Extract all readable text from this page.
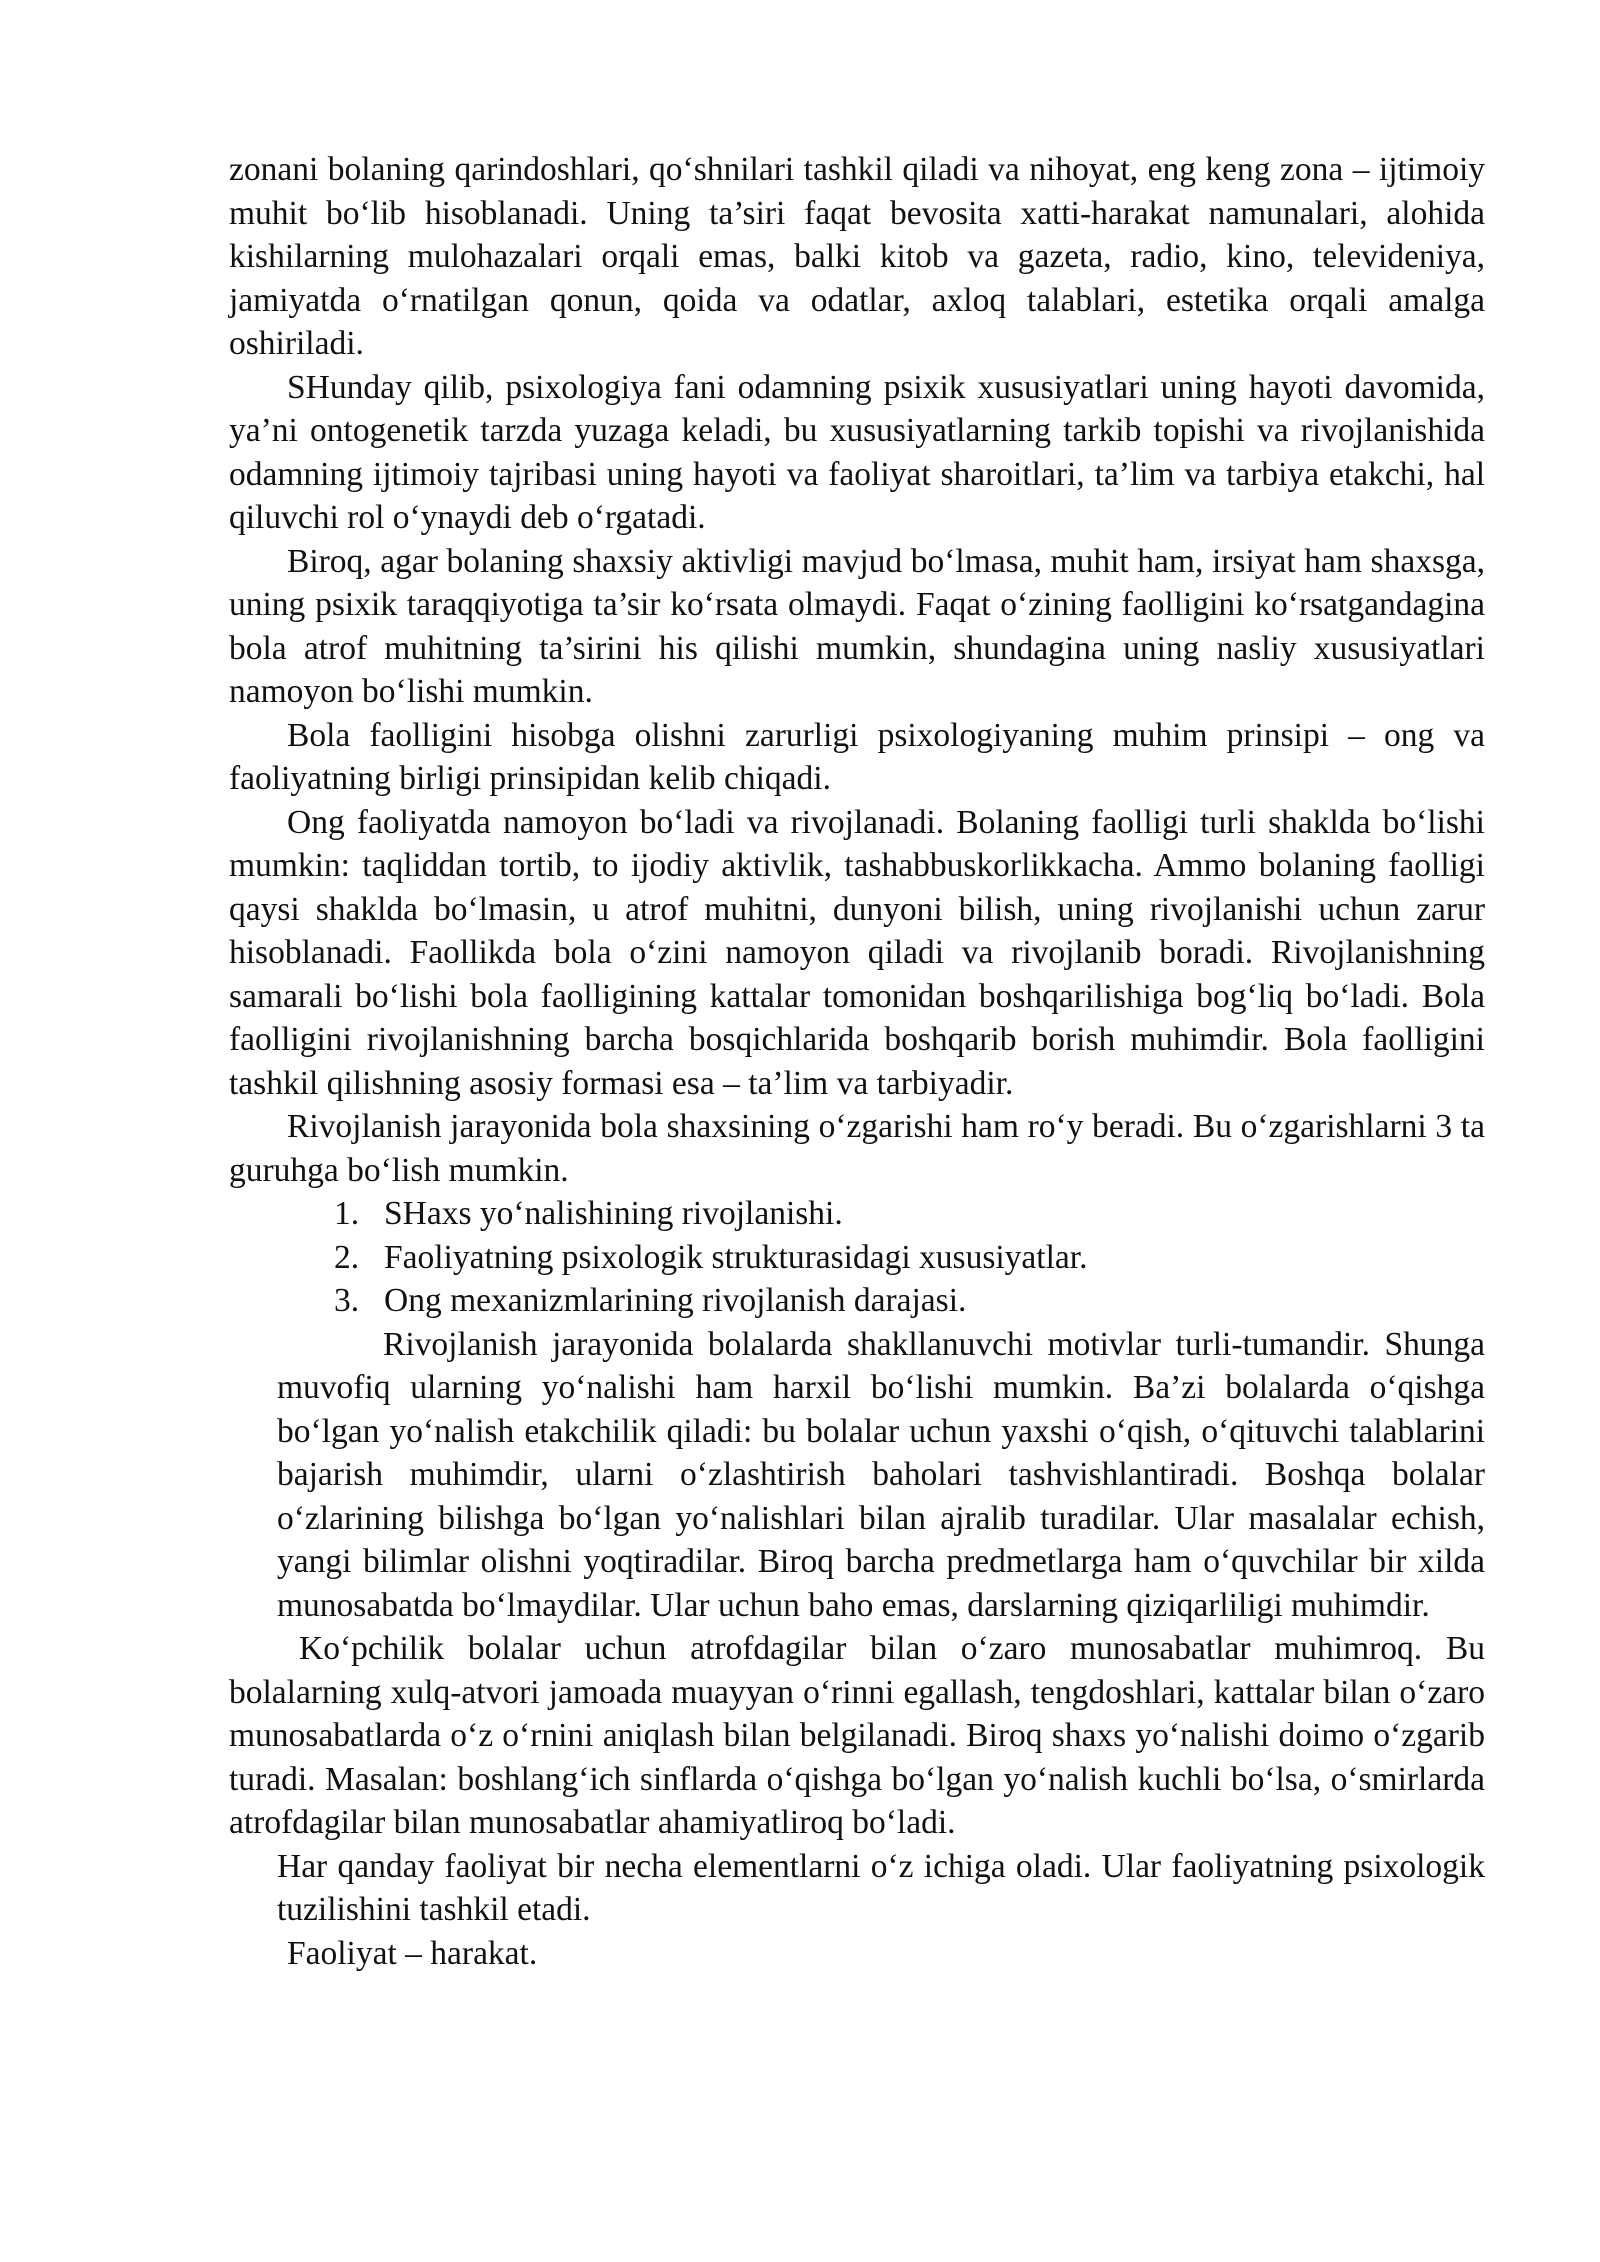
zonani bolaning qarindoshlari, qo‘shnilari tashkil qiladi va nihoyat, eng keng zona – ijtimoiy muhit bo‘lib hisoblanadi. Uning ta’siri faqat bevosita xatti-harakat namunalari, alohida kishilarning mulohazalari orqali emas, balki kitob va gazeta, radio, kino, televideniya, jamiyatda o‘rnatilgan qonun, qoida va odatlar, axloq talablari, estetika orqali amalga oshiriladi.

SHunday qilib, psixologiya fani odamning psixik xususiyatlari uning hayoti davomida, ya’ni ontogenetik tarzda yuzaga keladi, bu xususiyatlarning tarkib topishi va rivojlanishida odamning ijtimoiy tajribasi uning hayoti va faoliyat sharoitlari, ta’lim va tarbiya etakchi, hal qiluvchi rol o‘ynaydi deb o‘rgatadi.

Biroq, agar bolaning shaxsiy aktivligi mavjud bo‘lmasa, muhit ham, irsiyat ham shaxsga, uning psixik taraqqiyotiga ta’sir ko‘rsata olmaydi. Faqat o‘zining faolligini ko‘rsatgandagina bola atrof muhitning ta’sirini his qilishi mumkin, shundagina uning nasliy xususiyatlari namoyon bo‘lishi mumkin.

Bola faolligini hisobga olishni zarurligi psixologiyaning muhim prinsipi – ong va faoliyatning birligi prinsipidan kelib chiqadi.

Ong faoliyatda namoyon bo‘ladi va rivojlanadi. Bolaning faolligi turli shaklda bo‘lishi mumkin: taqliddan tortib, to ijodiy aktivlik, tashabbuskorlikkacha. Ammo bolaning faolligi qaysi shaklda bo‘lmasin, u atrof muhitni, dunyoni bilish, uning rivojlanishi uchun zarur hisoblanadi. Faollikda bola o‘zini namoyon qiladi va rivojlanib boradi. Rivojlanishning samarali bo‘lishi bola faolligining kattalar tomonidan boshqarilishiga bog‘liq bo‘ladi. Bola faolligini rivojlanishning barcha bosqichlarida boshqarib borish muhimdir. Bola faolligini tashkil qilishning asosiy formasi esa – ta’lim va tarbiyadir.

Rivojlanish jarayonida bola shaxsining o‘zgarishi ham ro‘y beradi. Bu o‘zgarishlarni 3 ta guruhga bo‘lish mumkin.

1. SHaxs yo‘nalishining rivojlanishi.
2. Faoliyatning psixologik strukturasidagi xususiyatlar.
3. Ong mexanizmlarining rivojlanish darajasi.

Rivojlanish jarayonida bolalarda shakllanuvchi motivlar turli-tumandir. Shunga muvofiq ularning yo‘nalishi ham harxil bo‘lishi mumkin. Ba’zi bolalarda o‘qishga bo‘lgan yo‘nalish etakchilik qiladi: bu bolalar uchun yaxshi o‘qish, o‘qituvchi talablarini bajarish muhimdir, ularni o‘zlashtirish baholari tashvishlantiradi. Boshqa bolalar o‘zlarining bilishga bo‘lgan yo‘nalishlari bilan ajralib turadilar. Ular masalalar echish, yangi bilimlar olishni yoqtiradilar. Biroq barcha predmetlarga ham o‘quvchilar bir xilda munosabatda bo‘lmaydilar. Ular uchun baho emas, darslarning qiziqarliligi muhimdir.

Ko‘pchilik bolalar uchun atrofdagilar bilan o‘zaro munosabatlar muhimroq. Bu bolalarning xulq-atvori jamoada muayyan o‘rinni egallash, tengdoshlari, kattalar bilan o‘zaro munosabatlarda o‘z o‘rnini aniqlash bilan belgilanadi. Biroq shaxs yo‘nalishi doimo o‘zgarib turadi. Masalan: boshlang‘ich sinflarda o‘qishga bo‘lgan yo‘nalish kuchli bo‘lsa, o‘smirlarda atrofdagilar bilan munosabatlar ahamiyatliroq bo‘ladi.

Har qanday faoliyat bir necha elementlarni o‘z ichiga oladi. Ular faoliyatning psixologik tuzilishini tashkil etadi.

Faoliyat – harakat.
